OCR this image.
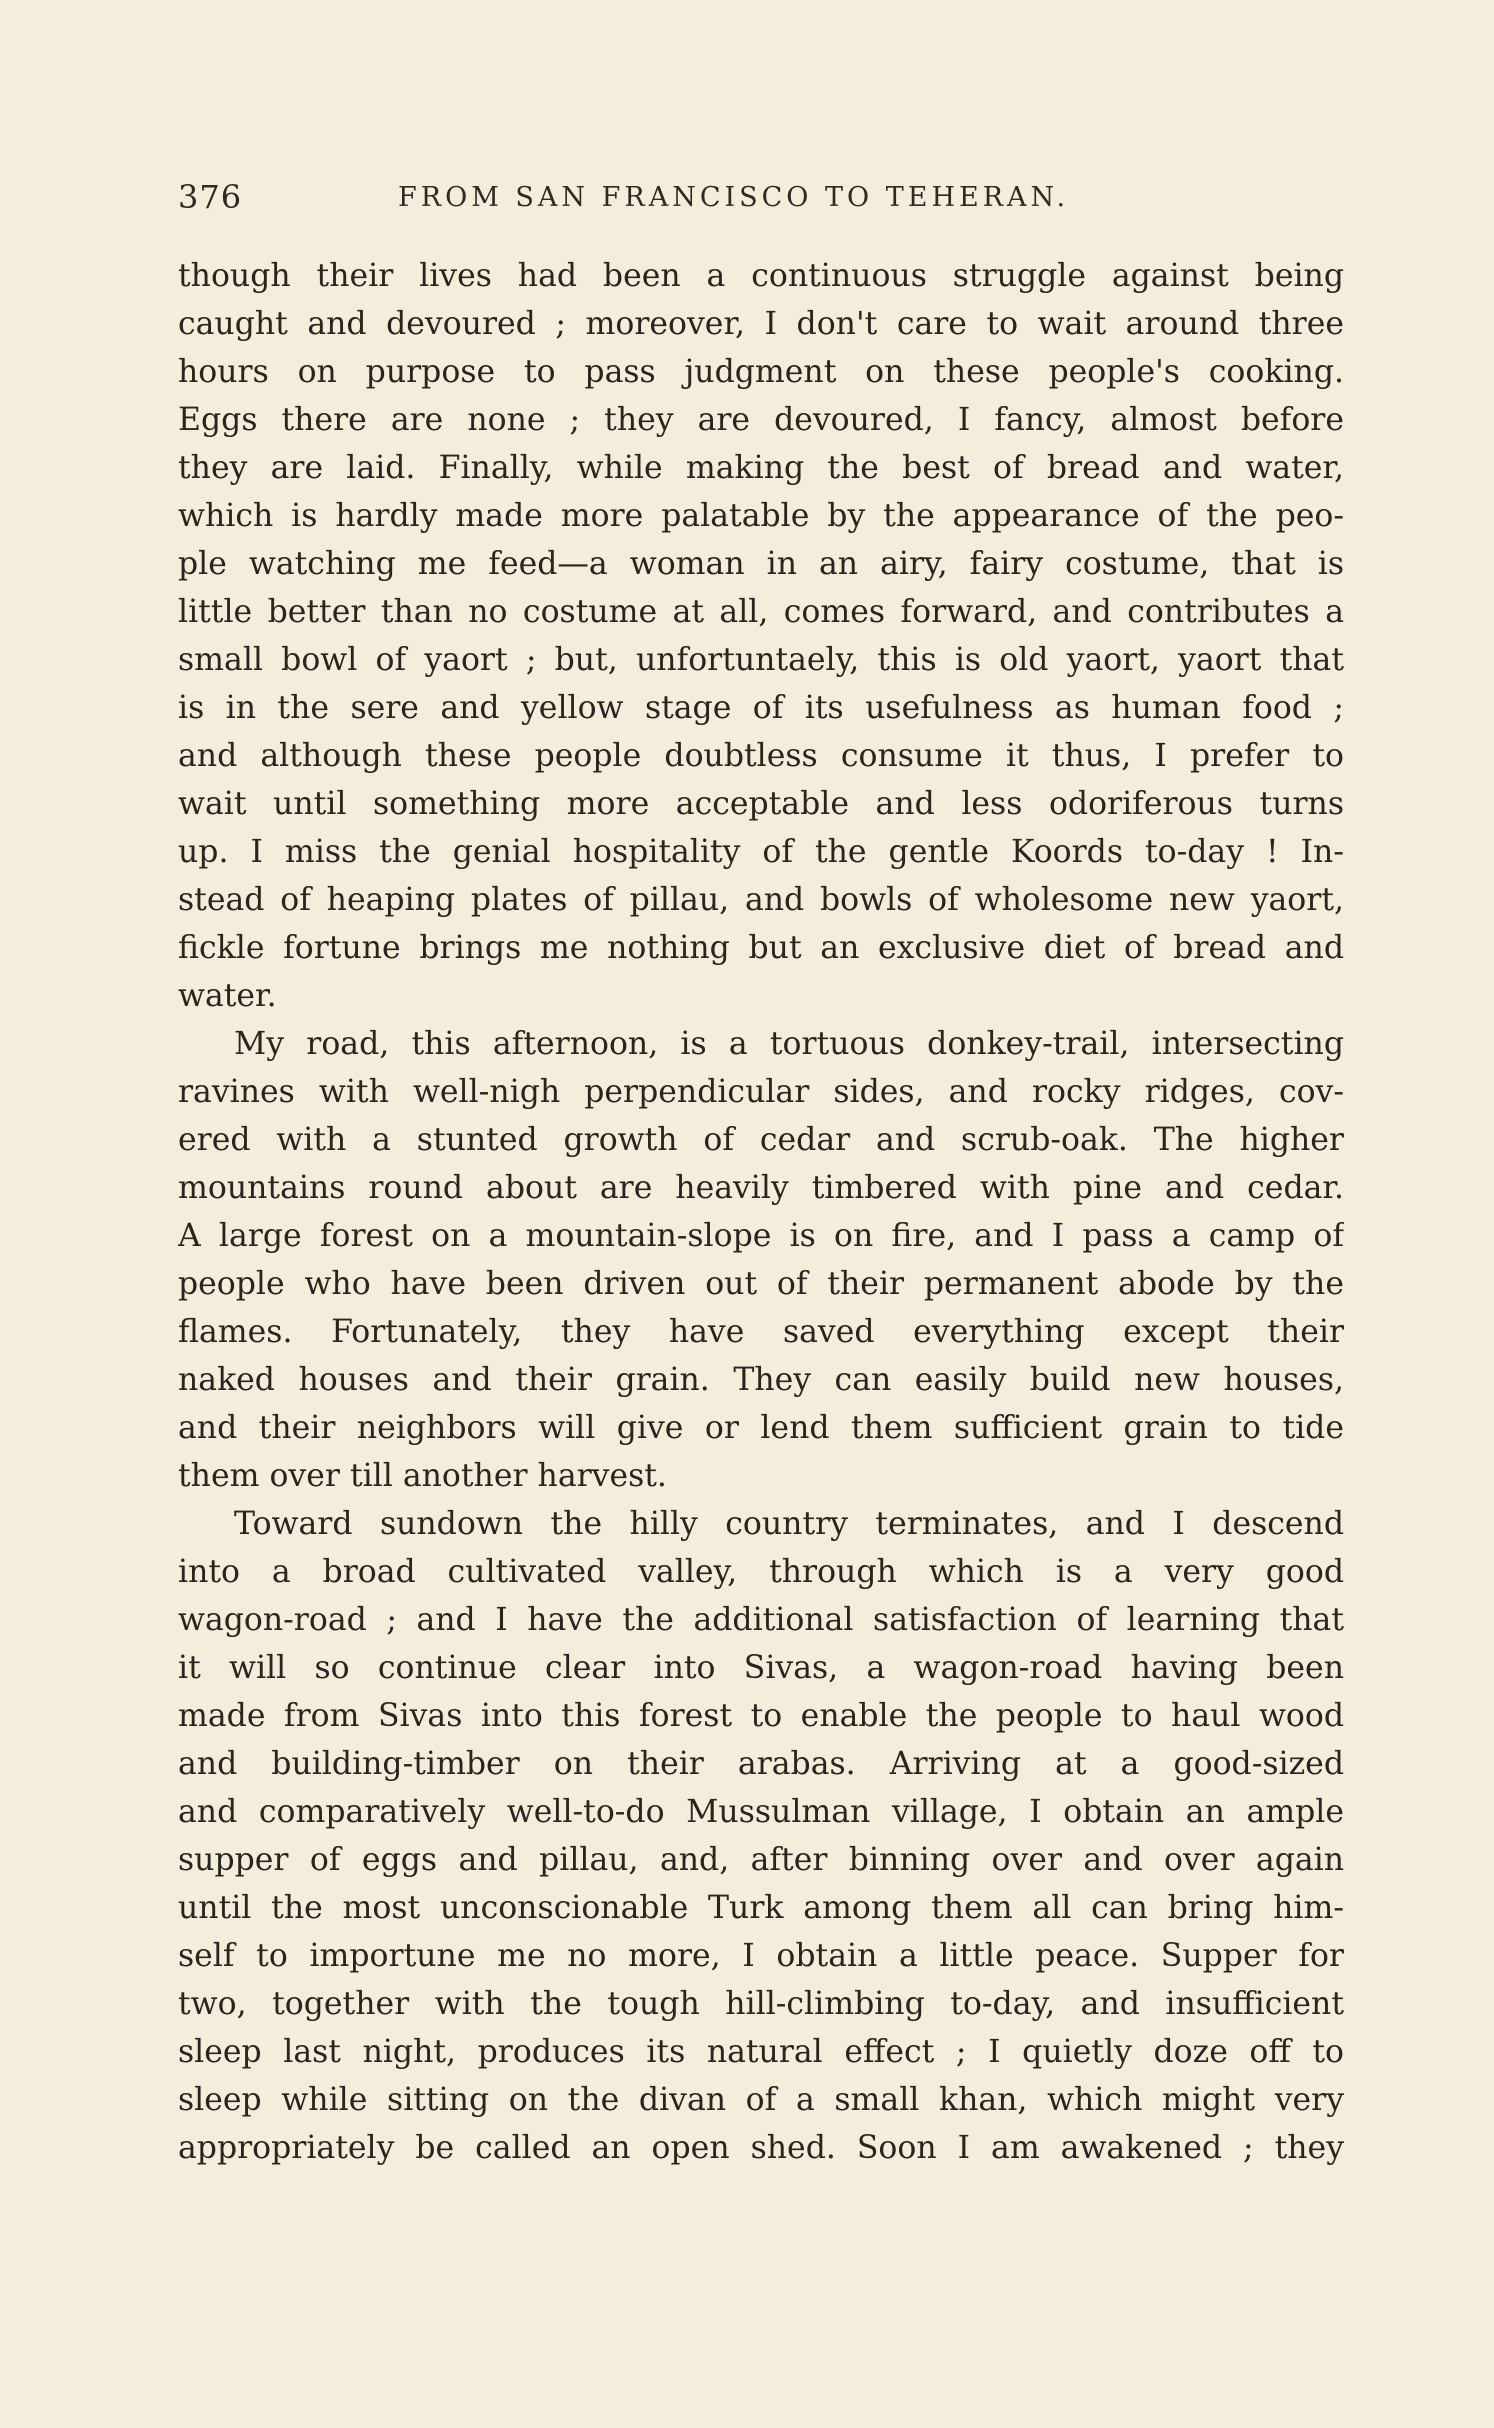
376	FROM SAN FRANCISCO TO TEHERAN.
though their lives had been a continuous struggle against being
caught and devoured ; moreover, I don't care to wait around three
hours on purpose to pass judgment on these people's cooking.
Eggs there are none ; they are devoured, I fancy, almost before
they are laid. Finally, while making the best of bread and water,
which is hardly made more palatable by the appearance of the peo-
ple watching me feed—a woman in an airy, fairy costume, that is
little better than no costume at all, comes forward, and contributes a
small bowl of yaort ; but, unfortuntaely, this is old yaort, yaort that
is in the sere and yellow stage of its usefulness as human food ;
and although these people doubtless consume it thus, I prefer to
wait until something more acceptable and less odoriferous turns
up. I miss the genial hospitality of the gentle Koords to-day ! In-
stead of heaping plates of pillau, and bowls of wholesome new yaort,
fickle fortune brings me nothing but an exclusive diet of bread and
water.
My road, this afternoon, is a tortuous donkey-trail, intersecting
ravines with well-nigh perpendicular sides, and rocky ridges, cov-
ered with a stunted growth of cedar and scrub-oak. The higher
mountains round about are heavily timbered with pine and cedar.
A large forest on a mountain-slope is on fire, and I pass a camp of
people who have been driven out of their permanent abode by the
flames. Fortunately, they have saved everything except their
naked houses and their grain. They can easily build new houses,
and their neighbors will give or lend them sufficient grain to tide
them over till another harvest.
Toward sundown the hilly country terminates, and I descend
into a broad cultivated valley, through which is a very good
wagon-road ; and I have the additional satisfaction of learning that
it will so continue clear into Sivas, a wagon-road having been
made from Sivas into this forest to enable the people to haul wood
and building-timber on their arabas. Arriving at a good-sized
and comparatively well-to-do Mussulman village, I obtain an ample
supper of eggs and pillau, and, after binning over and over again
until the most unconscionable Turk among them all can bring him-
self to importune me no more, I obtain a little peace. Supper for
two, together with the tough hill-climbing to-day, and insufficient
sleep last night, produces its natural effect ; I quietly doze off to
sleep while sitting on the divan of a small khan, which might very
appropriately be called an open shed. Soon I am awakened ; they
